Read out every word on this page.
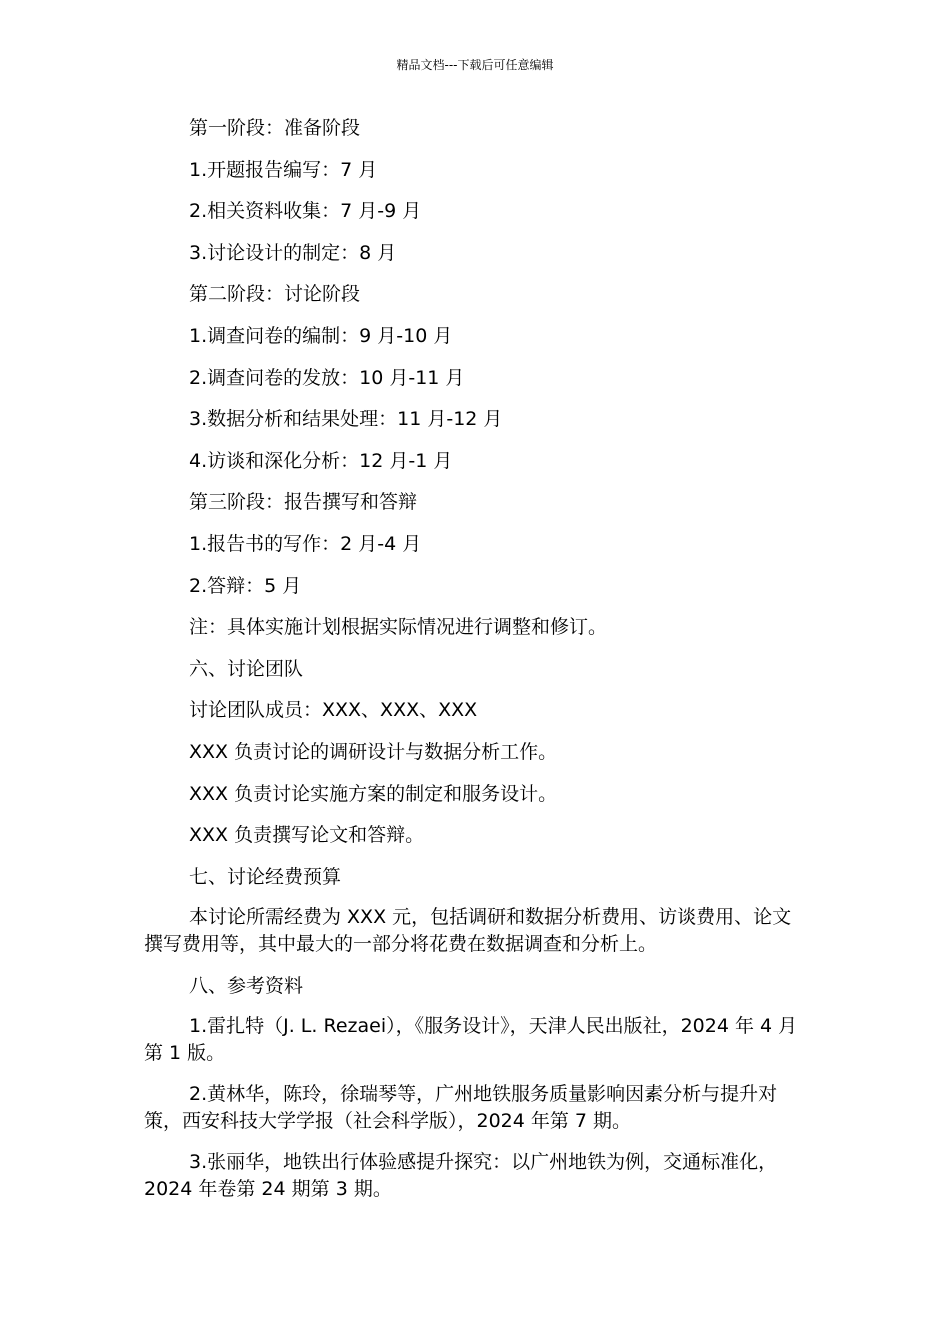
精品文档---下载后可任意编辑
第一阶段：准备阶段
1.开题报告编写：7 月
2.相关资料收集：7 月-9 月
3.讨论设计的制定：8 月
第二阶段：讨论阶段
1.调查问卷的编制：9 月-10 月
2.调查问卷的发放：10 月-11 月
3.数据分析和结果处理：11 月-12 月
4.访谈和深化分析：12 月-1 月
第三阶段：报告撰写和答辩
1.报告书的写作：2 月-4 月
2.答辩：5 月
注：具体实施计划根据实际情况进行调整和修订。
六、讨论团队
讨论团队成员：XXX、XXX、XXX
XXX 负责讨论的调研设计与数据分析工作。
XXX 负责讨论实施方案的制定和服务设计。
XXX 负责撰写论文和答辩。
七、讨论经费预算
本讨论所需经费为 XXX 元，包括调研和数据分析费用、访谈费用、论文撰写费用等，其中最大的一部分将花费在数据调查和分析上。
八、参考资料
1.雷扎特（J. L. Rezaei），《服务设计》，天津人民出版社，2024 年 4 月第 1 版。
2.黄林华，陈玲，徐瑞琴等，广州地铁服务质量影响因素分析与提升对策，西安科技大学学报（社会科学版），2024 年第 7 期。
3.张丽华，地铁出行体验感提升探究：以广州地铁为例，交通标准化，2024 年卷第 24 期第 3 期。
